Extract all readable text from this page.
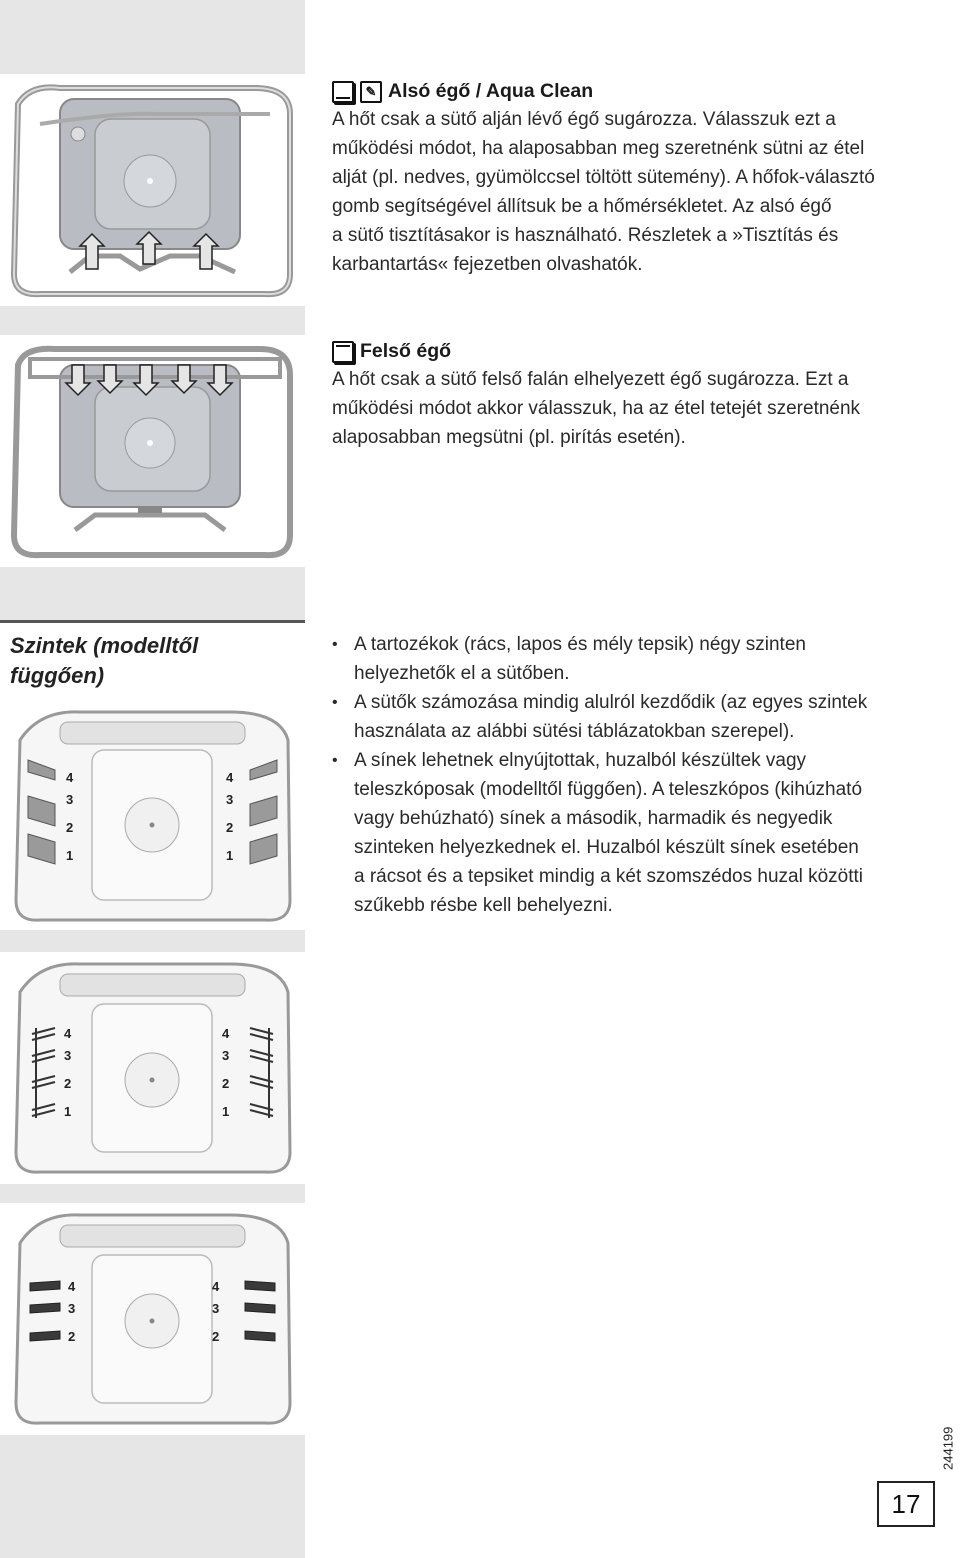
✎ Alsó égő / Aqua Clean
A hőt csak a sütő alján lévő égő sugározza. Válasszuk ezt a
működési módot, ha alaposabban meg szeretnénk sütni az étel
alját (pl. nedves, gyümölccsel töltött sütemény). A hőfok-választó
gomb segítségével állítsuk be a hőmérsékletet. Az alsó égő
a sütő tisztításakor is használható. Részletek a »Tisztítás és
karbantartás« fejezetben olvashatók.
Felső égő
A hőt csak a sütő felső falán elhelyezett égő sugározza. Ezt a
működési módot akkor válasszuk, ha az étel tetejét szeretnénk
alaposabban megsütni (pl. pirítás esetén).
Szintek (modelltől
függően)
4
3
2
1
4
3
2
1
4
3
2
1
4
3
2
1
4
3
2
4
3
2
• A tartozékok (rács, lapos és mély tepsik) négy szinten
helyezhetők el a sütőben.
• A sütők számozása mindig alulról kezdődik (az egyes szintek
használata az alábbi sütési táblázatokban szerepel).
• A sínek lehetnek elnyújtottak, huzalból készültek vagy
teleszkóposak (modelltől függően). A teleszkópos (kihúzható
vagy behúzható) sínek a második, harmadik és negyedik
szinteken helyezkednek el. Huzalból készült sínek esetében
a rácsot és a tepsiket mindig a két szomszédos huzal közötti
szűkebb résbe kell behelyezni.
244199
17
